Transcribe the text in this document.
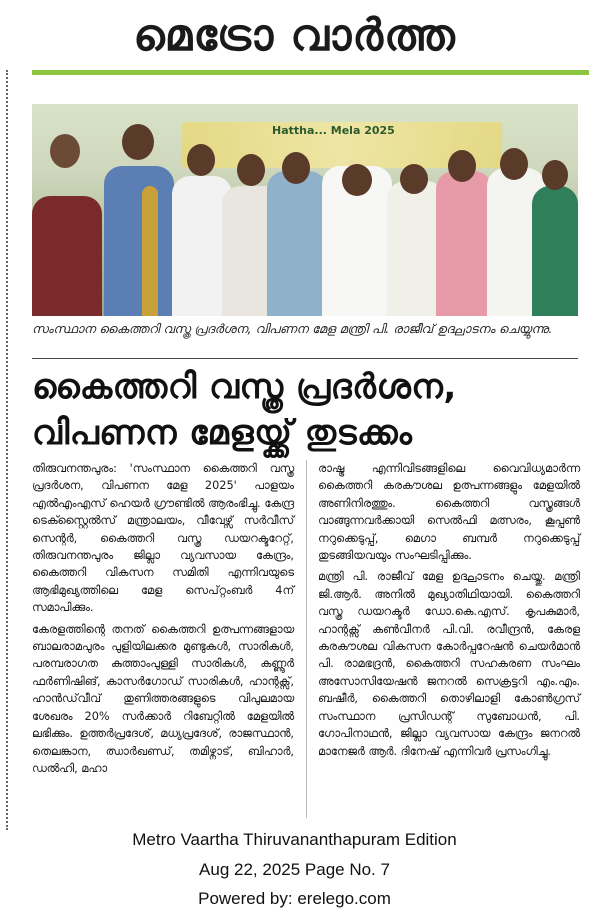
മെട്രോ വാർത്ത
Hattha... Mela 2025
സംസ്ഥാന കൈത്തറി വസ്ത്ര പ്രദർശന, വിപണന മേള മന്ത്രി പി. രാജീവ് ഉദ്ഘാടനം ചെയ്യുന്നു.
കൈത്തറി വസ്ത്ര പ്രദർശന,
വിപണന മേളയ്ക്ക് തുടക്കം

തിരുവനന്തപുരം: 'സംസ്ഥാന കൈത്തറി വസ്ത്ര പ്രദർശന, വിപണന മേള 2025' പാളയം എൽഎംഎസ് ഹെയർ ഗ്രൗണ്ടിൽ ആരംഭിച്ചു. കേന്ദ്ര ടെക്സ്റ്റൈൽസ് മന്ത്രാലയം, വീവേഴ്സ് സർവീസ് സെന്റർ, കൈത്തറി വസ്ത്ര ഡയറക്ടറേറ്റ്, തിരുവനന്തപുരം ജില്ലാ വ്യവസായ കേന്ദ്രം, കൈത്തറി വികസന സമിതി എന്നിവയുടെ ആഭിമുഖ്യത്തിലെ മേള സെപ്റ്റംബർ 4ന് സമാപിക്കും.

കേരളത്തിന്റെ തനത് കൈത്തറി ഉത്പന്നങ്ങളായ ബാലരാമപുരം പുളിയിലക്കര മുണ്ടുകൾ, സാരികൾ, പരമ്പരാഗത കുത്താംപുള്ളി സാരികൾ, കണ്ണൂർ ഫർണിഷിങ്, കാസർഗോഡ് സാരികൾ, ഹാന്റക്സ്, ഹാൻഡ്‌വീവ് തുണിത്തരങ്ങളുടെ വിപുലമായ ശേഖരം 20% സർക്കാർ റിബേറ്റിൽ മേളയിൽ ലഭിക്കും. ഉത്തർപ്രദേശ്, മധ്യപ്രദേശ്, രാജസ്ഥാൻ, തെലങ്കാന, ഝാർഖണ്ഡ്, തമിഴ്നാട്, ബിഹാർ, ഡൽഹി, മഹാ

രാഷ്ട്ര എന്നിവിടങ്ങളിലെ വൈവിധ്യമാർന്ന കൈത്തറി കരകൗശല ഉത്പന്നങ്ങളും മേളയിൽ അണിനിരത്തും. കൈത്തറി വസ്ത്രങ്ങൾ വാങ്ങുന്നവർക്കായി സെൽഫി മത്സരം, കൂപ്പൺ നറുക്കെടുപ്പ്, മെഗാ ബമ്പർ നറുക്കെടുപ്പ് തുടങ്ങിയവയും സംഘടിപ്പിക്കും.

മന്ത്രി പി. രാജീവ് മേള ഉദ്ഘാടനം ചെയ്തു. മന്ത്രി ജി.ആർ. അനിൽ മുഖ്യാതിഥിയായി. കൈത്തറി വസ്ത്ര ഡയറക്ടർ ഡോ.കെ.എസ്. കൃപകുമാർ, ഹാന്റക്സ് കൺവീനർ പി.വി. രവീന്ദ്രൻ, കേരള കരകൗശല വികസന കോർപ്പറേഷൻ ചെയർമാൻ പി. രാമഭദ്രൻ, കൈത്തറി സഹകരണ സംഘം അസോസിയേഷൻ ജനറൽ സെക്രട്ടറി എം.എം. ബഷീർ, കൈത്തറി തൊഴിലാളി കോൺഗ്രസ് സംസ്ഥാന പ്രസിഡന്റ് സുബോധൻ, പി. ഗോപിനാഥൻ, ജില്ലാ വ്യവസായ കേന്ദ്രം ജനറൽ മാനേജർ ആർ. ദിനേഷ് എന്നിവർ പ്രസംഗിച്ചു.

Metro Vaartha Thiruvananthapuram Edition
Aug 22, 2025 Page No. 7
Powered by: erelego.com
